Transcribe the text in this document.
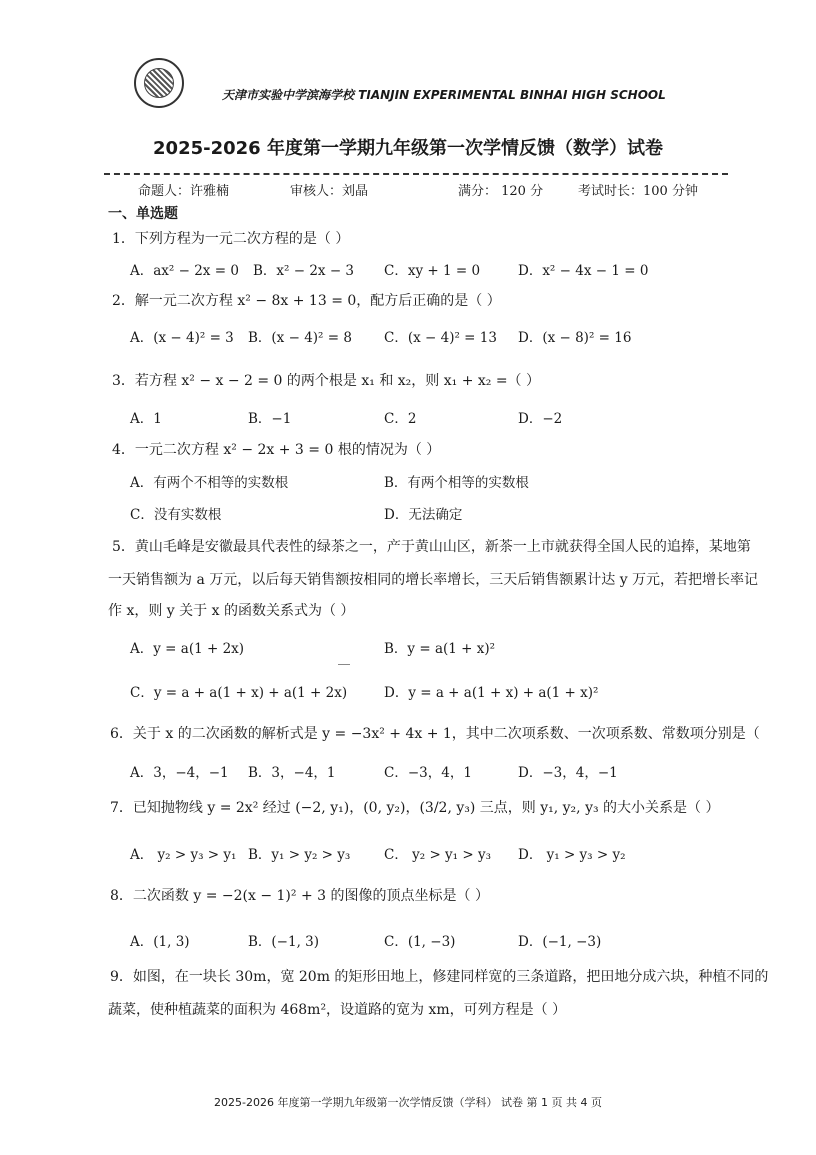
天津市实验中学滨海学校 TIANJIN EXPERIMENTAL BINHAI HIGH SCHOOL
2025-2026 年度第一学期九年级第一次学情反馈（数学）试卷
命题人：许雅楠	审核人：刘晶	满分： 120 分	考试时长：100 分钟
一、单选题
1．下列方程为一元二次方程的是（ ）
A．ax² − 2x = 0 B．x² − 2x − 3 C．xy + 1 = 0	D．x² − 4x − 1 = 0
2．解一元二次方程 x² − 8x + 13 = 0，配方后正确的是（ ）
A．(x − 4)² = 3 B．(x − 4)² = 8 C．(x − 4)² = 13 D．(x − 8)² = 16
3．若方程 x² − x − 2 = 0 的两个根是 x₁ 和 x₂，则 x₁ + x₂ =（ ）
A．1	B．−1	C．2	D．−2
4．一元二次方程 x² − 2x + 3 = 0 根的情况为（ ）
A．有两个不相等的实数根	B．有两个相等的实数根
C．没有实数根	D．无法确定
5．黄山毛峰是安徽最具代表性的绿茶之一，产于黄山山区，新茶一上市就获得全国人民的追捧，某地第
一天销售额为 a 万元，以后每天销售额按相同的增长率增长，三天后销售额累计达 y 万元，若把增长率记
作 x，则 y 关于 x 的函数关系式为（ ）
A．y = a(1 + 2x)	B．y = a(1 + x)²
C．y = a + a(1 + x) + a(1 + 2x)	D．y = a + a(1 + x) + a(1 + x)²
6．关于 x 的二次函数的解析式是 y = −3x² + 4x + 1，其中二次项系数、一次项系数、常数项分别是（
A．3，−4，−1 B．3，−4，1	C．−3，4，1	D．−3，4，−1
7．已知抛物线 y = 2x² 经过 (−2, y₁)，(0, y₂)，(3/2, y₃) 三点，则 y₁, y₂, y₃ 的大小关系是（ ）
A． y₂ > y₃ > y₁ B．y₁ > y₂ > y₃ C． y₂ > y₁ > y₃ D． y₁ > y₃ > y₂
8．二次函数 y = −2(x − 1)² + 3 的图像的顶点坐标是（ ）
A．(1, 3)	B．(−1, 3)	C．(1, −3)	D．(−1, −3)
9．如图，在一块长 30m，宽 20m 的矩形田地上，修建同样宽的三条道路，把田地分成六块，种植不同的
蔬菜，使种植蔬菜的面积为 468m²，设道路的宽为 xm，可列方程是（ ）
2025-2026 年度第一学期九年级第一次学情反馈（学科） 试卷 第 1 页 共 4 页
